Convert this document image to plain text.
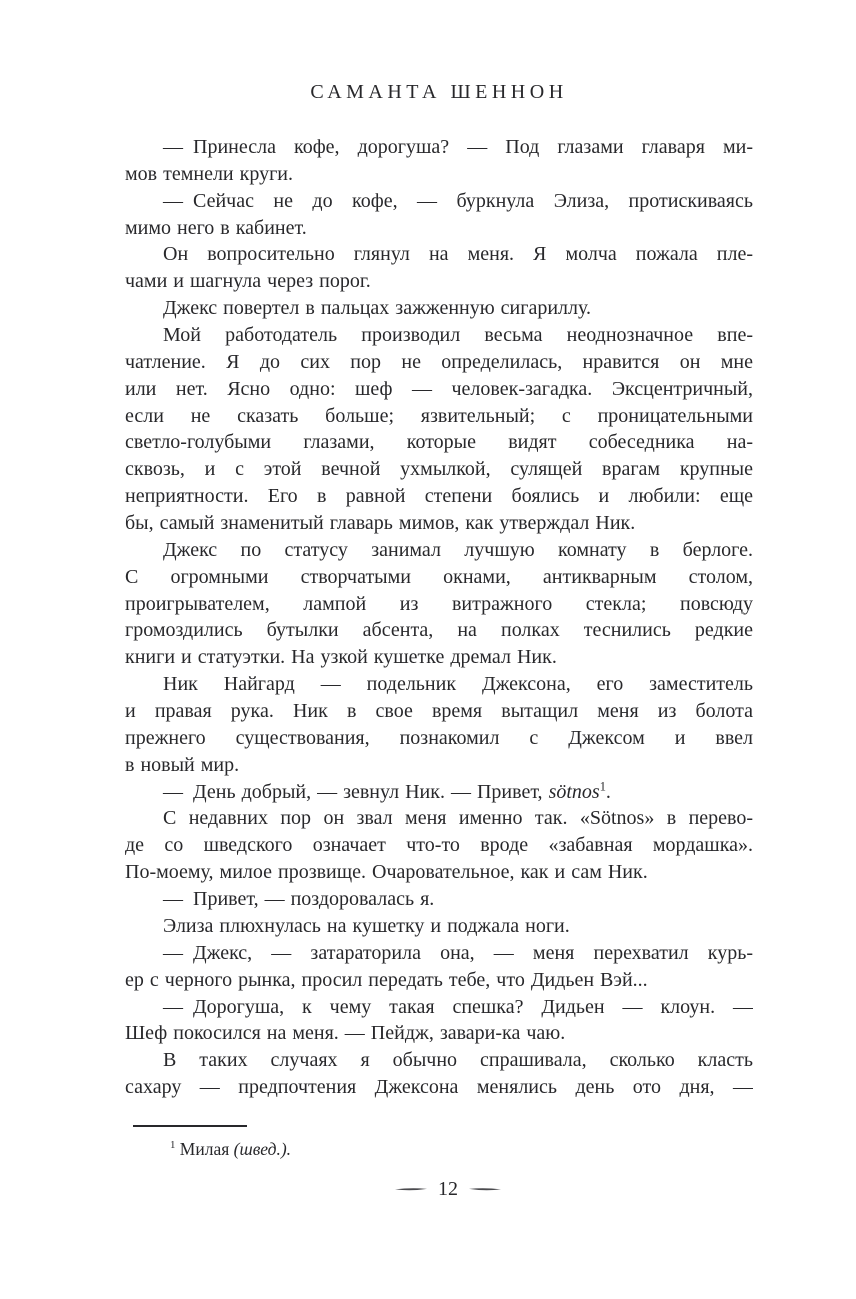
САМАНТА ШЕННОН
— Принесла кофе, дорогуша? — Под глазами главаря ми-
мов темнели круги.
— Сейчас не до кофе, — буркнула Элиза, протискиваясь
мимо него в кабинет.
Он вопросительно глянул на меня. Я молча пожала пле-
чами и шагнула через порог.
Джекс повертел в пальцах зажженную сигариллу.
Мой работодатель производил весьма неоднозначное впе-
чатление. Я до сих пор не определилась, нравится он мне
или нет. Ясно одно: шеф — человек-загадка. Эксцентричный,
если не сказать больше; язвительный; с проницательными
светло-голубыми глазами, которые видят собеседника на-
сквозь, и с этой вечной ухмылкой, сулящей врагам крупные
неприятности. Его в равной степени боялись и любили: еще
бы, самый знаменитый главарь мимов, как утверждал Ник.
Джекс по статусу занимал лучшую комнату в берлоге.
С огромными створчатыми окнами, антикварным столом,
проигрывателем, лампой из витражного стекла; повсюду
громоздились бутылки абсента, на полках теснились редкие
книги и статуэтки. На узкой кушетке дремал Ник.
Ник Найгард — подельник Джексона, его заместитель
и правая рука. Ник в свое время вытащил меня из болота
прежнего существования, познакомил с Джексом и ввел
в новый мир.
— День добрый, — зевнул Ник. — Привет, sötnos$^1$.
С недавних пор он звал меня именно так. «Sötnos» в перево-
де со шведского означает что-то вроде «забавная мордашка».
По-моему, милое прозвище. Очаровательное, как и сам Ник.
— Привет, — поздоровалась я.
Элиза плюхнулась на кушетку и поджала ноги.
— Джекс, — затараторила она, — меня перехватил курь-
ер с черного рынка, просил передать тебе, что Дидьен Вэй...
— Дорогуша, к чему такая спешка? Дидьен — клоун. —
Шеф покосился на меня. — Пейдж, завари-ка чаю.
В таких случаях я обычно спрашивала, сколько класть
сахару — предпочтения Джексона менялись день ото дня, —
$^1$ Милая (швед.).
12
